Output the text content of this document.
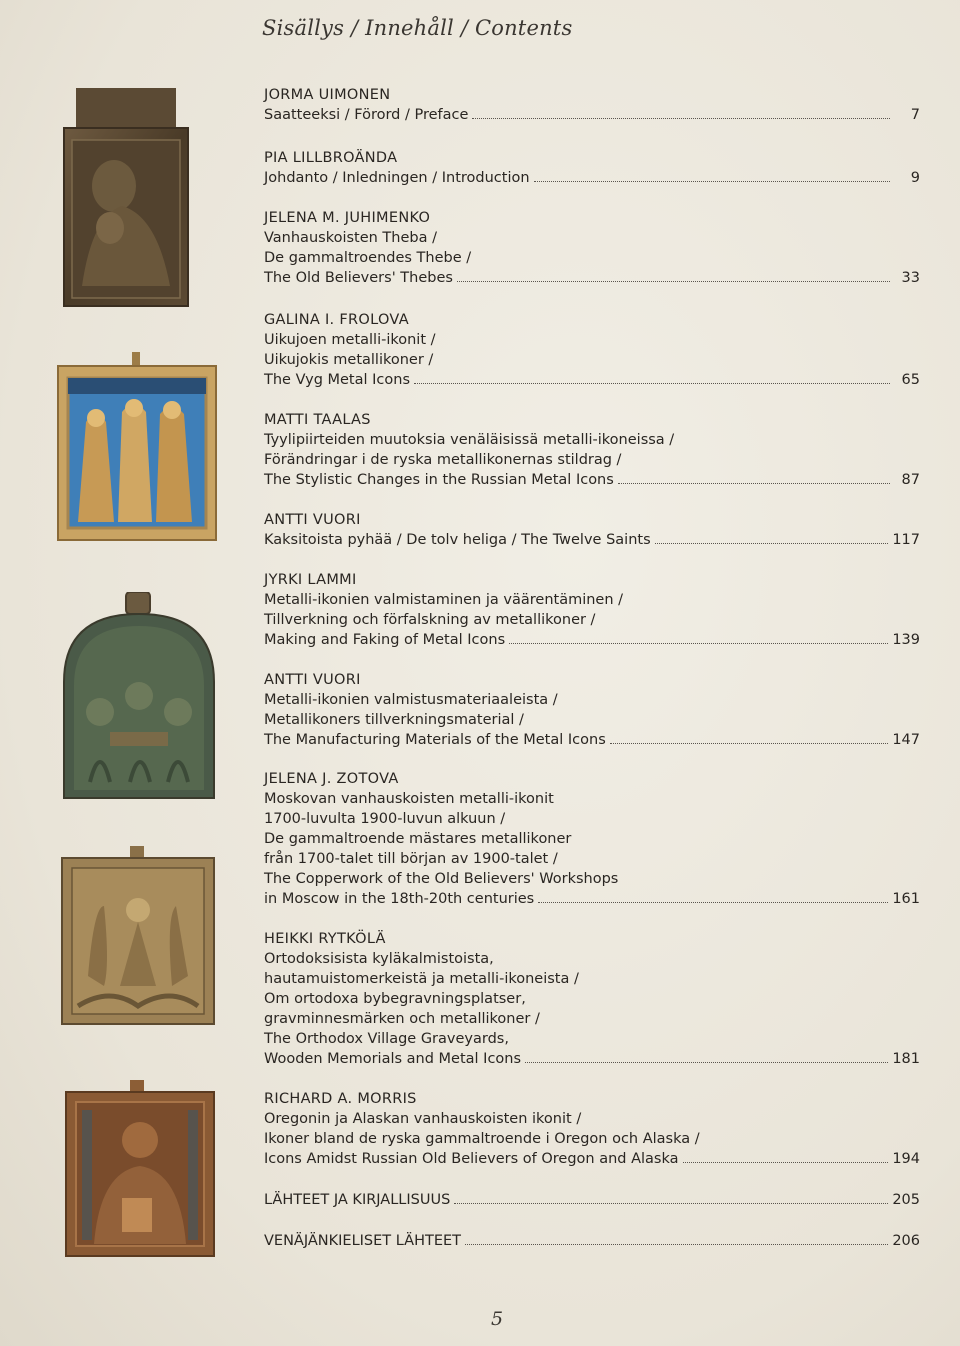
Sisällys / Innehåll / Contents
JORMA UIMONEN
Saatteeksi / Förord / Preface	7
PIA LILLBROÄNDA
Johdanto / Inledningen / Introduction	9
JELENA M. JUHIMENKO
Vanhauskoisten Theba /
De gammaltroendes Thebe /
The Old Believers' Thebes	33
GALINA I. FROLOVA
Uikujoen metalli-ikonit /
Uikujokis metallikoner /
The Vyg Metal Icons	65
MATTI TAALAS
Tyylipiirteiden muutoksia venäläisissä metalli-ikoneissa /
Förändringar i de ryska metallikonernas stildrag /
The Stylistic Changes in the Russian Metal Icons	87
ANTTI VUORI
Kaksitoista pyhää / De tolv heliga / The Twelve Saints	117
JYRKI LAMMI
Metalli-ikonien valmistaminen ja väärentäminen /
Tillverkning och förfalskning av metallikoner /
Making and Faking of Metal Icons	139
ANTTI VUORI
Metalli-ikonien valmistusmateriaaleista /
Metallikoners tillverkningsmaterial /
The Manufacturing Materials of the Metal Icons	147
JELENA J. ZOTOVA
Moskovan vanhauskoisten metalli-ikonit
1700-luvulta 1900-luvun alkuun /
De gammaltroende mästares metallikoner
från 1700-talet till början av 1900-talet /
The Copperwork of the Old Believers' Workshops
in Moscow in the 18th-20th centuries	161
HEIKKI RYTKÖLÄ
Ortodoksisista kyläkalmistoista,
hautamuistomerkeistä ja metalli-ikoneista /
Om ortodoxa bybegravningsplatser,
gravminnesmärken och metallikoner /
The Orthodox Village Graveyards,
Wooden Memorials and Metal Icons	181
RICHARD A. MORRIS
Oregonin ja Alaskan vanhauskoisten ikonit /
Ikoner bland de ryska gammaltroende i Oregon och Alaska /
Icons Amidst Russian Old Believers of Oregon and Alaska	194
LÄHTEET JA KIRJALLISUUS	205
VENÄJÄNKIELISET LÄHTEET	206
5
